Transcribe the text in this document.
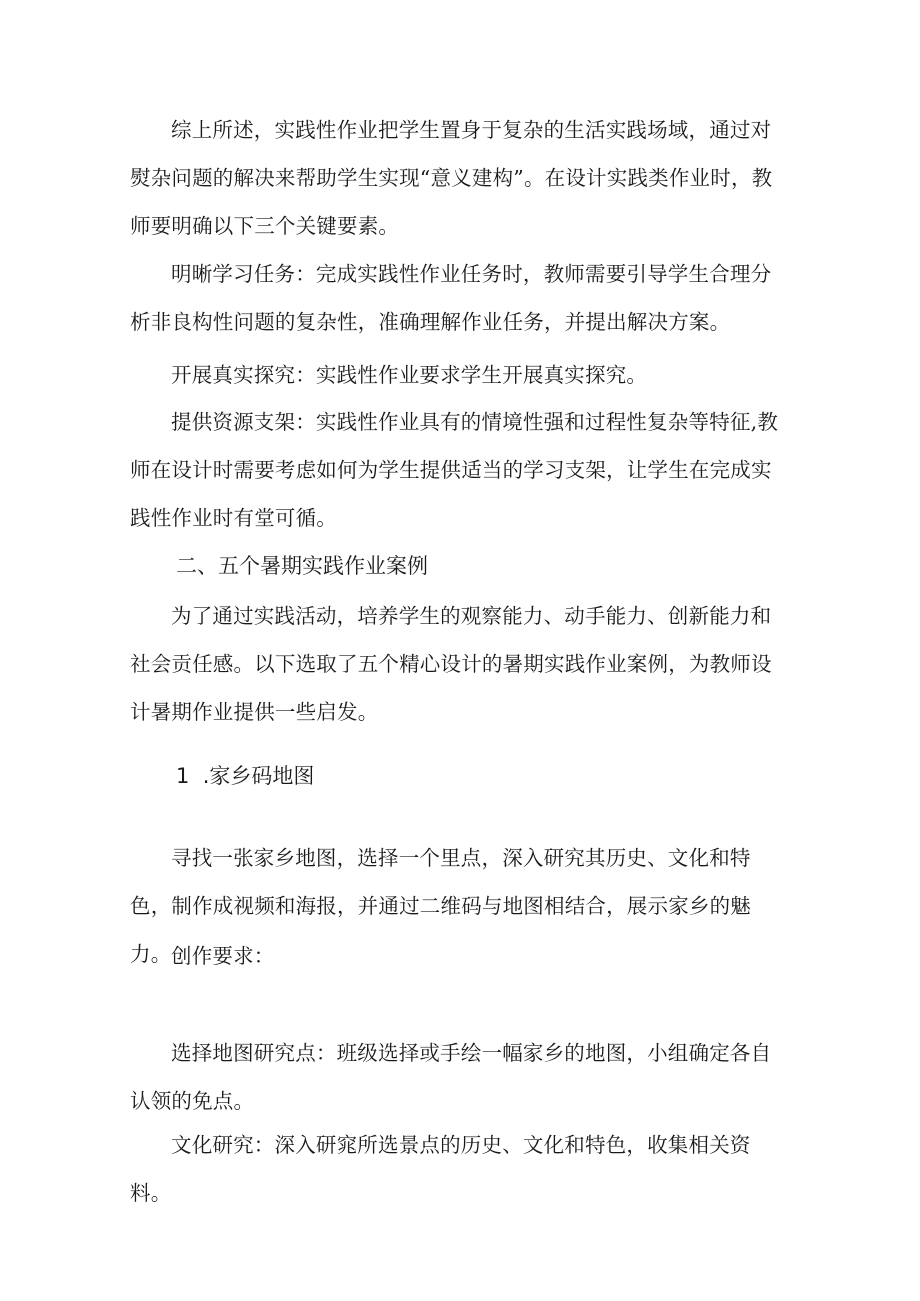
综上所述，实践性作业把学生置身于复杂的生活实践场域，通过对熨杂问题的解决来帮助学生实现“意义建构”。在设计实践类作业时，教师要明确以下三个关键要素。

明晰学习任务：完成实践性作业任务时，教师需要引导学生合理分析非良构性问题的复杂性，准确理解作业任务，并提出解决方案。

开展真实探究：实践性作业要求学生开展真实探究。

提供资源支架：实践性作业具有的情境性强和过程性复杂等特征,教师在设计时需要考虑如何为学生提供适当的学习支架，让学生在完成实践性作业时有堂可循。

二、五个暑期实践作业案例

为了通过实践活动，培养学生的观察能力、动手能力、创新能力和社会贡任感。以下选取了五个精心设计的暑期实践作业案例，为教师设计暑期作业提供一些启发。

1  .家乡码地图

寻找一张家乡地图，选择一个里点，深入研究其历史、文化和特色，制作成视频和海报，并通过二维码与地图相结合，展示家乡的魅力。 创作要求：

选择地图研究点：班级选择或手绘一幅家乡的地图，小组确定各自认领的免点。

文化研究：深入研窕所选景点的历史、文化和特色，收集相关资料。
